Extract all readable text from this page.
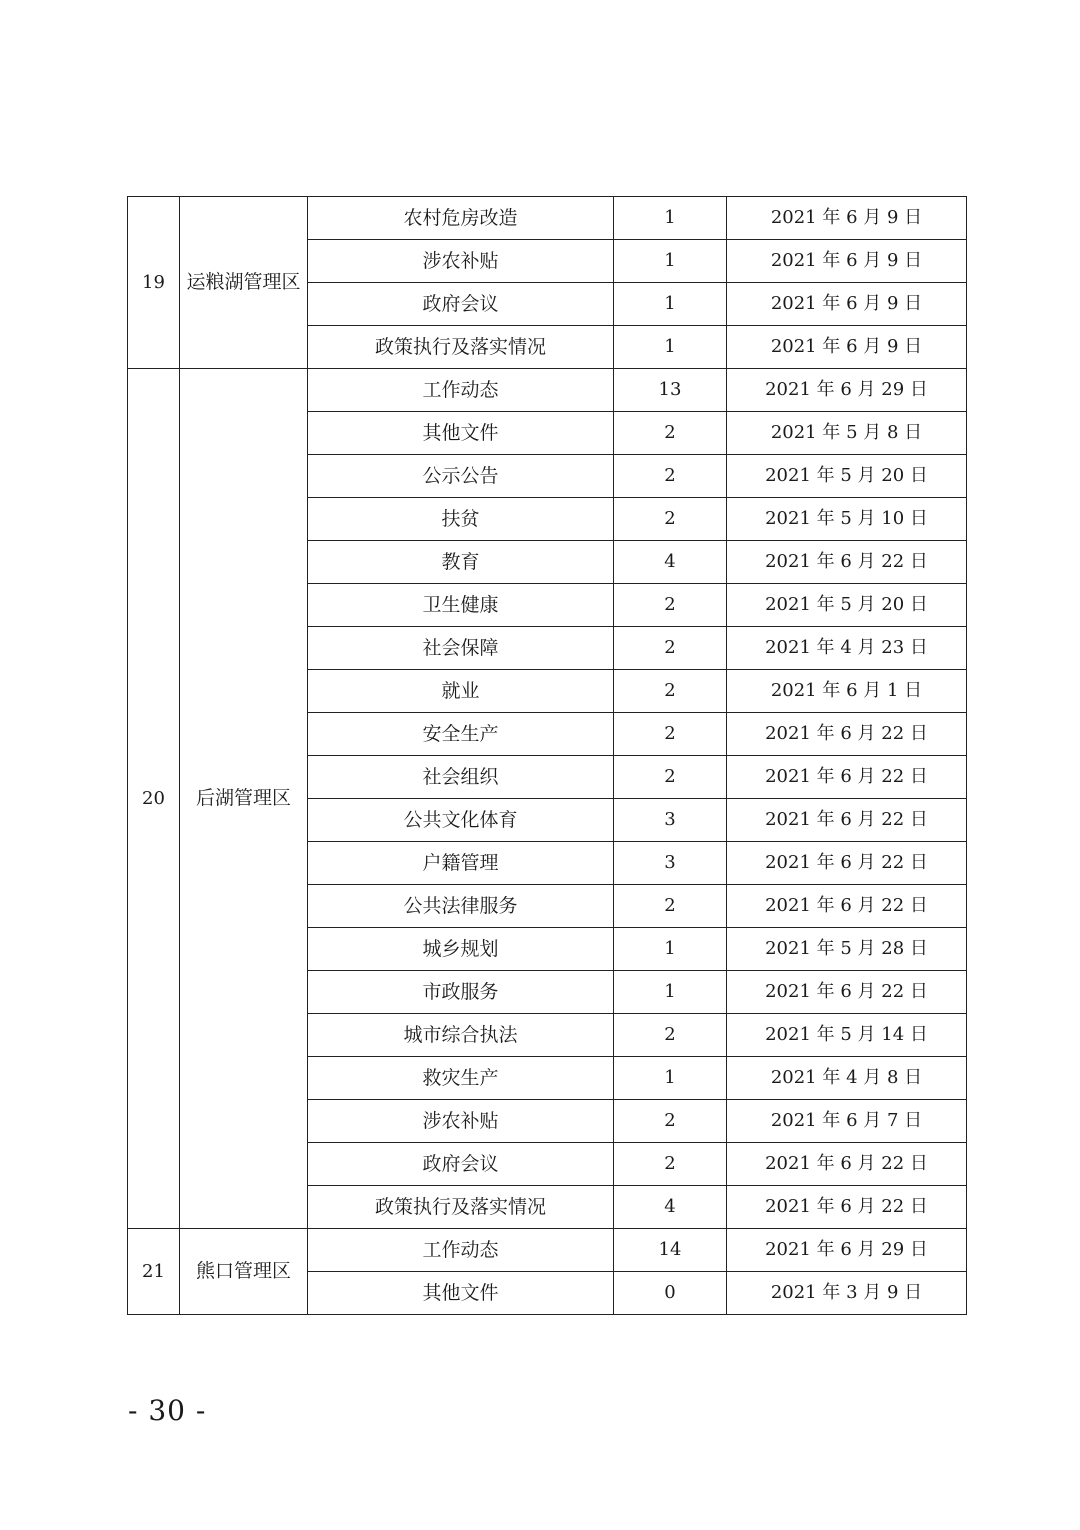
19	运粮湖管理区	农村危房改造	1	2021 年 6 月 9 日
		涉农补贴	1	2021 年 6 月 9 日
		政府会议	1	2021 年 6 月 9 日
		政策执行及落实情况	1	2021 年 6 月 9 日
20	后湖管理区	工作动态	13	2021 年 6 月 29 日
		其他文件	2	2021 年 5 月 8 日
		公示公告	2	2021 年 5 月 20 日
		扶贫	2	2021 年 5 月 10 日
		教育	4	2021 年 6 月 22 日
		卫生健康	2	2021 年 5 月 20 日
		社会保障	2	2021 年 4 月 23 日
		就业	2	2021 年 6 月 1 日
		安全生产	2	2021 年 6 月 22 日
		社会组织	2	2021 年 6 月 22 日
		公共文化体育	3	2021 年 6 月 22 日
		户籍管理	3	2021 年 6 月 22 日
		公共法律服务	2	2021 年 6 月 22 日
		城乡规划	1	2021 年 5 月 28 日
		市政服务	1	2021 年 6 月 22 日
		城市综合执法	2	2021 年 5 月 14 日
		救灾生产	1	2021 年 4 月 8 日
		涉农补贴	2	2021 年 6 月 7 日
		政府会议	2	2021 年 6 月 22 日
		政策执行及落实情况	4	2021 年 6 月 22 日
21	熊口管理区	工作动态	14	2021 年 6 月 29 日
		其他文件	0	2021 年 3 月 9 日
- 30 -
